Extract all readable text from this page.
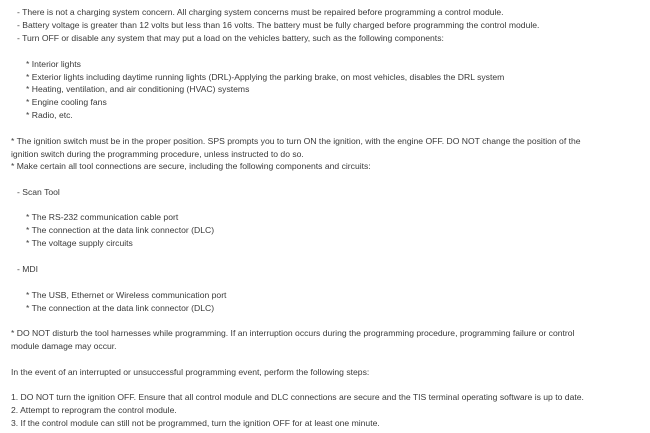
- There is not a charging system concern. All charging system concerns must be repaired before programming a control module.
- Battery voltage is greater than 12 volts but less than 16 volts. The battery must be fully charged before programming the control module.
- Turn OFF or disable any system that may put a load on the vehicles battery, such as the following components:
* Interior lights
* Exterior lights including daytime running lights (DRL)-Applying the parking brake, on most vehicles, disables the DRL system
* Heating, ventilation, and air conditioning (HVAC) systems
* Engine cooling fans
* Radio, etc.
* The ignition switch must be in the proper position. SPS prompts you to turn ON the ignition, with the engine OFF. DO NOT change the position of the
ignition switch during the programming procedure, unless instructed to do so.
* Make certain all tool connections are secure, including the following components and circuits:
- Scan Tool
* The RS-232 communication cable port
* The connection at the data link connector (DLC)
* The voltage supply circuits
- MDI
* The USB, Ethernet or Wireless communication port
* The connection at the data link connector (DLC)
* DO NOT disturb the tool harnesses while programming. If an interruption occurs during the programming procedure, programming failure or control
module damage may occur.
In the event of an interrupted or unsuccessful programming event, perform the following steps:
1. DO NOT turn the ignition OFF. Ensure that all control module and DLC connections are secure and the TIS terminal operating software is up to date.
2. Attempt to reprogram the control module.
3. If the control module can still not be programmed, turn the ignition OFF for at least one minute.
